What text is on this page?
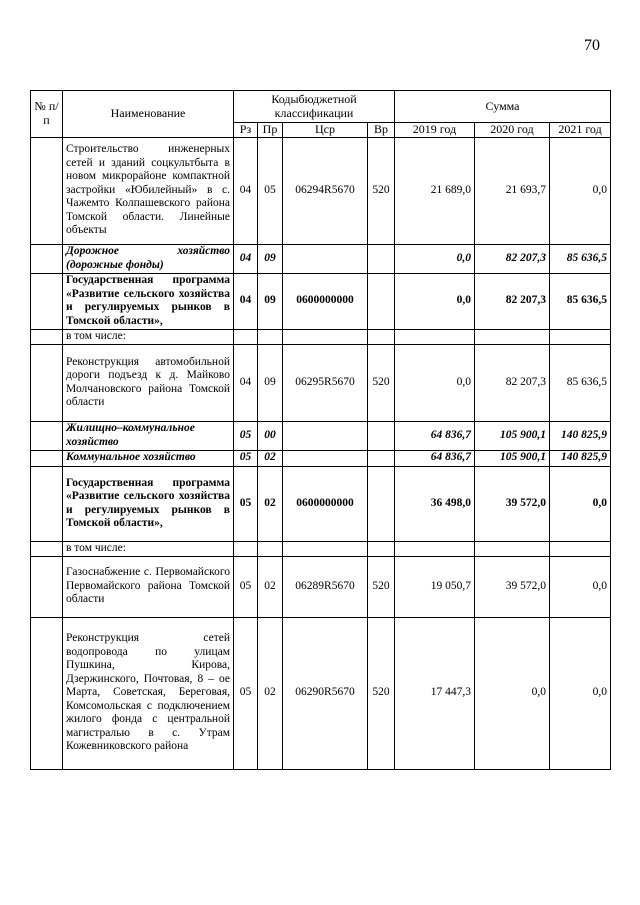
70
№ п/п	Наименование	Кодыбюджетной классификации				Сумма		
		Рз	Пр	Цср	Вр	2019 год	2020 год	2021 год
	Строительство инженерных сетей и зданий соцкультбыта в новом микрорайоне компактной застройки «Юбилейный» в с. Чажемто Колпашевского района Томской области. Линейные объекты	04	05	06294R5670	520	21 689,0	21 693,7	0,0
	Дорожное хозяйство (дорожные фонды)	04	09			0,0	82 207,3	85 636,5
	Государственная программа «Развитие сельского хозяйства и регулируемых рынков в Томской области»,	04	09	0600000000		0,0	82 207,3	85 636,5
	в том числе:							
	Реконструкция автомобильной дороги подъезд к д. Майково Молчановского района Томской области	04	09	06295R5670	520	0,0	82 207,3	85 636,5
	Жилищно–коммунальное хозяйство	05	00			64 836,7	105 900,1	140 825,9
	Коммунальное хозяйство	05	02			64 836,7	105 900,1	140 825,9
	Государственная программа «Развитие сельского хозяйства и регулируемых рынков в Томской области»,	05	02	0600000000		36 498,0	39 572,0	0,0
	в том числе:							
	Газоснабжение с. Первомайского Первомайского района Томской области	05	02	06289R5670	520	19 050,7	39 572,0	0,0
	Реконструкция сетей водопровода по улицам Пушкина, Кирова, Дзержинского, Почтовая, 8 – ое Марта, Советская, Береговая, Комсомольская с подключением жилого фонда с центральной магистралью в с. Утрам Кожевниковского района	05	02	06290R5670	520	17 447,3	0,0	0,0
